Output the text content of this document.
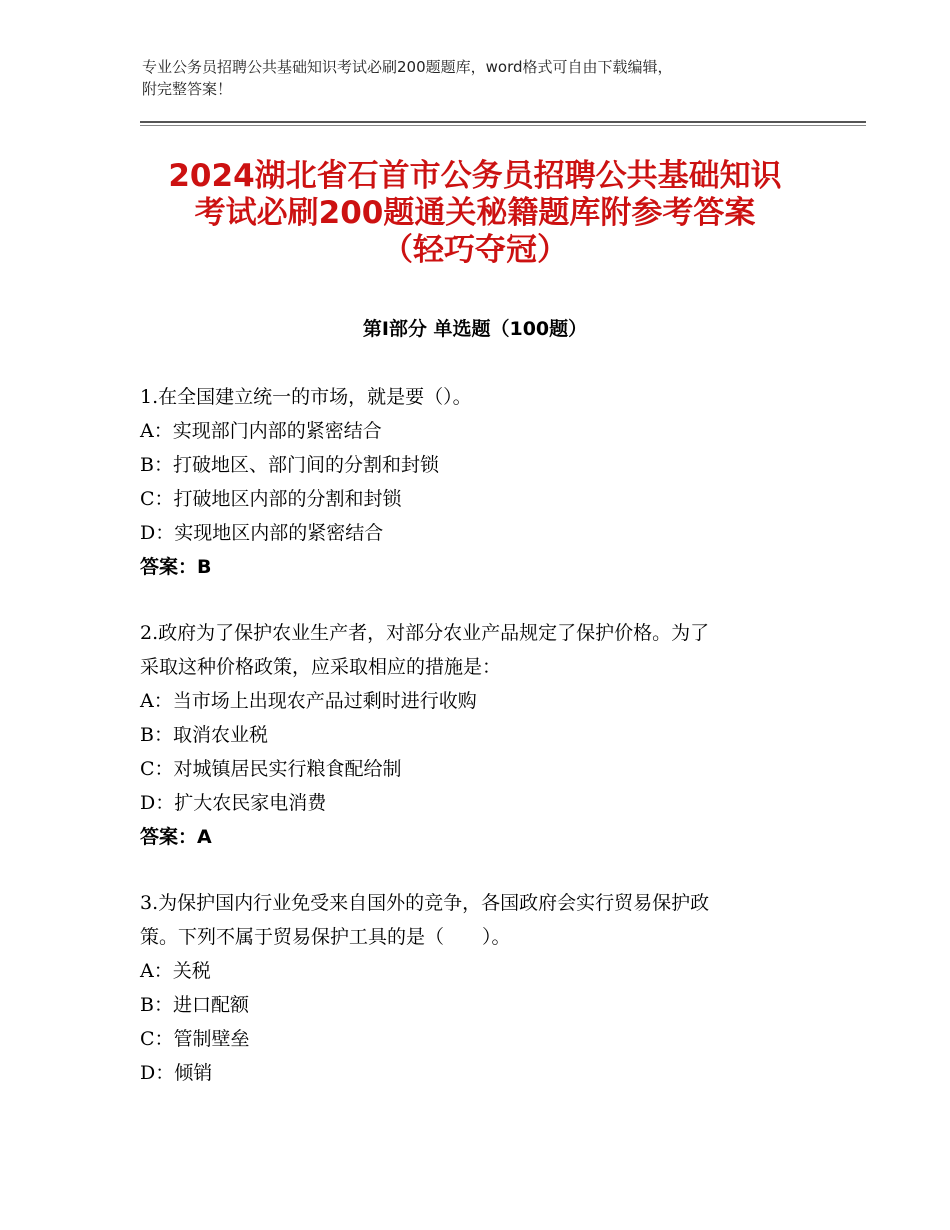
专业公务员招聘公共基础知识考试必刷200题题库，word格式可自由下载编辑，
附完整答案！
2024湖北省石首市公务员招聘公共基础知识
考试必刷200题通关秘籍题库附参考答案
（轻巧夺冠）
第Ⅰ部分 单选题（100题）
1.在全国建立统一的市场，就是要（）。
A：实现部门内部的紧密结合
B：打破地区、部门间的分割和封锁
C：打破地区内部的分割和封锁
D：实现地区内部的紧密结合
答案：B
2.政府为了保护农业生产者，对部分农业产品规定了保护价格。为了
采取这种价格政策，应采取相应的措施是：
A：当市场上出现农产品过剩时进行收购
B：取消农业税
C：对城镇居民实行粮食配给制
D：扩大农民家电消费
答案：A
3.为保护国内行业免受来自国外的竞争，各国政府会实行贸易保护政
策。下列不属于贸易保护工具的是（　　）。
A：关税
B：进口配额
C：管制壁垒
D：倾销
